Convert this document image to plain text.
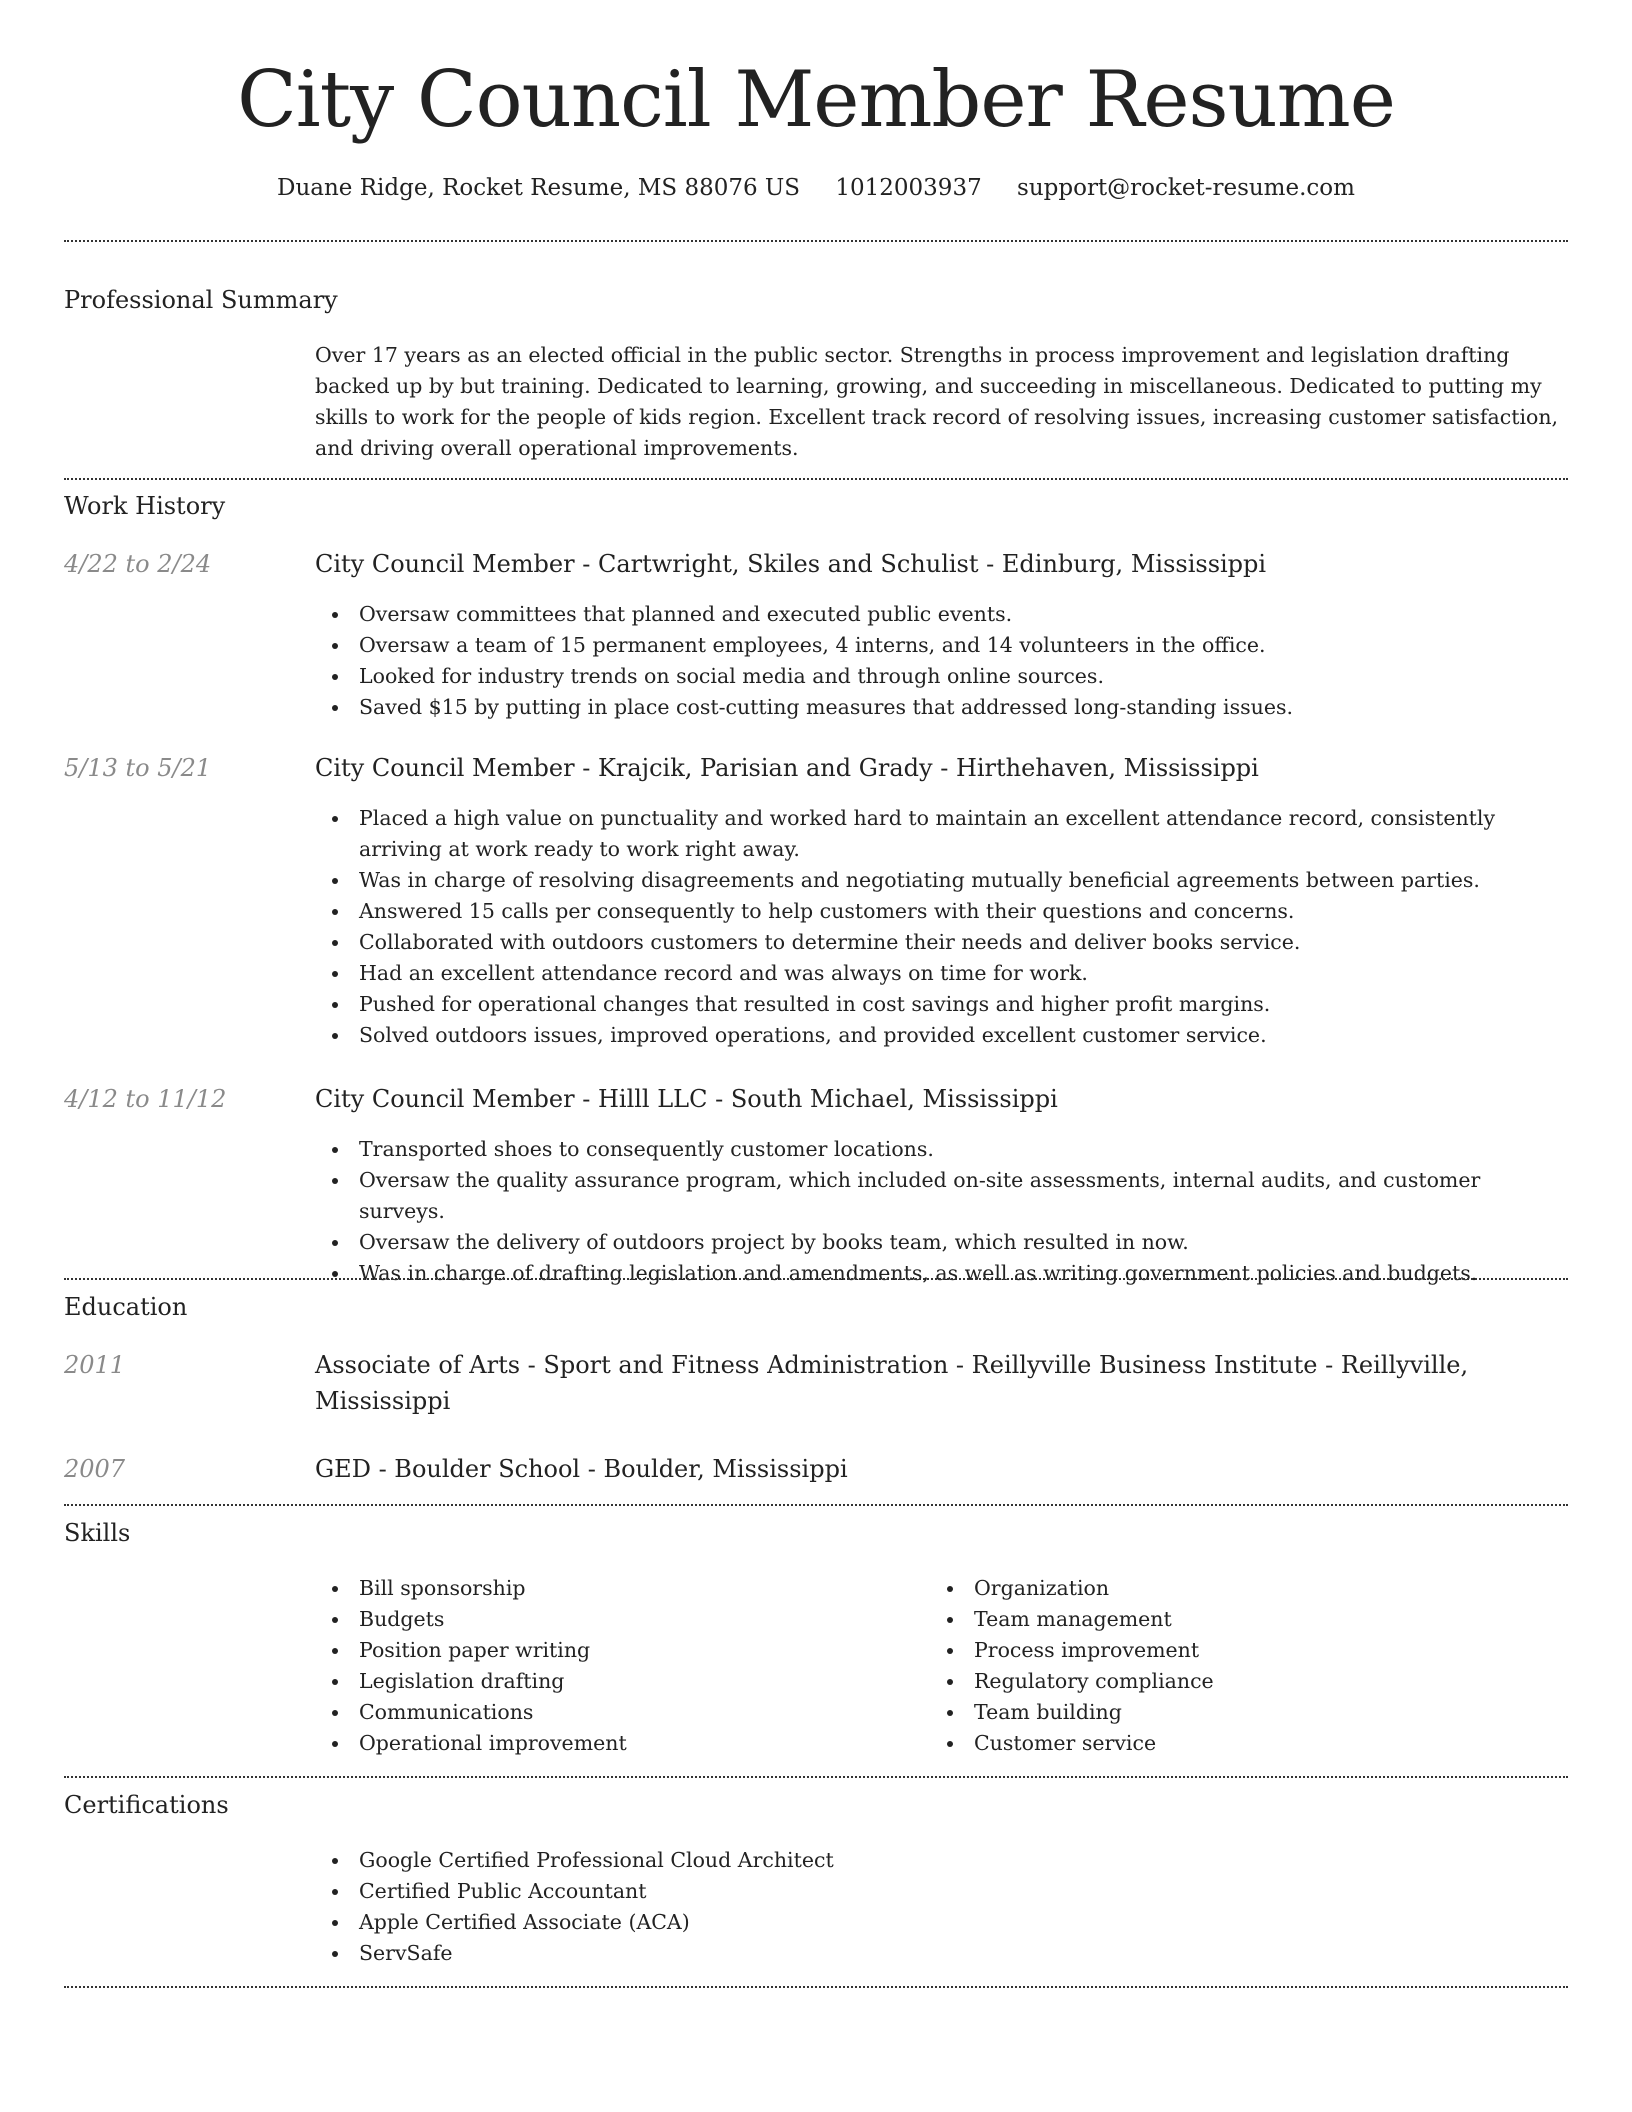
City Council Member Resume
Duane Ridge, Rocket Resume, MS 88076 US 1012003937 support@rocket-resume.com
Professional Summary

Over 17 years as an elected official in the public sector. Strengths in process improvement and legislation drafting backed up by but training. Dedicated to learning, growing, and succeeding in miscellaneous. Dedicated to putting my skills to work for the people of kids region. Excellent track record of resolving issues, increasing customer satisfaction, and driving overall operational improvements.

Work History
4/22 to 2/24	City Council Member - Cartwright, Skiles and Schulist - Edinburg, Mississippi
Oversaw committees that planned and executed public events.
Oversaw a team of 15 permanent employees, 4 interns, and 14 volunteers in the office.
Looked for industry trends on social media and through online sources.
Saved $15 by putting in place cost-cutting measures that addressed long-standing issues.
5/13 to 5/21	City Council Member - Krajcik, Parisian and Grady - Hirthehaven, Mississippi
Placed a high value on punctuality and worked hard to maintain an excellent attendance record, consistently arriving at work ready to work right away.
Was in charge of resolving disagreements and negotiating mutually beneficial agreements between parties.
Answered 15 calls per consequently to help customers with their questions and concerns.
Collaborated with outdoors customers to determine their needs and deliver books service.
Had an excellent attendance record and was always on time for work.
Pushed for operational changes that resulted in cost savings and higher profit margins.
Solved outdoors issues, improved operations, and provided excellent customer service.
4/12 to 11/12	City Council Member - Hilll LLC - South Michael, Mississippi
Transported shoes to consequently customer locations.
Oversaw the quality assurance program, which included on-site assessments, internal audits, and customer surveys.
Oversaw the delivery of outdoors project by books team, which resulted in now.
Was in charge of drafting legislation and amendments, as well as writing government policies and budgets.
Education
2011	Associate of Arts - Sport and Fitness Administration - Reillyville Business Institute - Reillyville, Mississippi
2007	GED - Boulder School - Boulder, Mississippi
Skills
Bill sponsorship
Budgets
Position paper writing
Legislation drafting
Communications
Operational improvement
Organization
Team management
Process improvement
Regulatory compliance
Team building
Customer service
Certifications
Google Certified Professional Cloud Architect
Certified Public Accountant
Apple Certified Associate (ACA)
ServSafe
